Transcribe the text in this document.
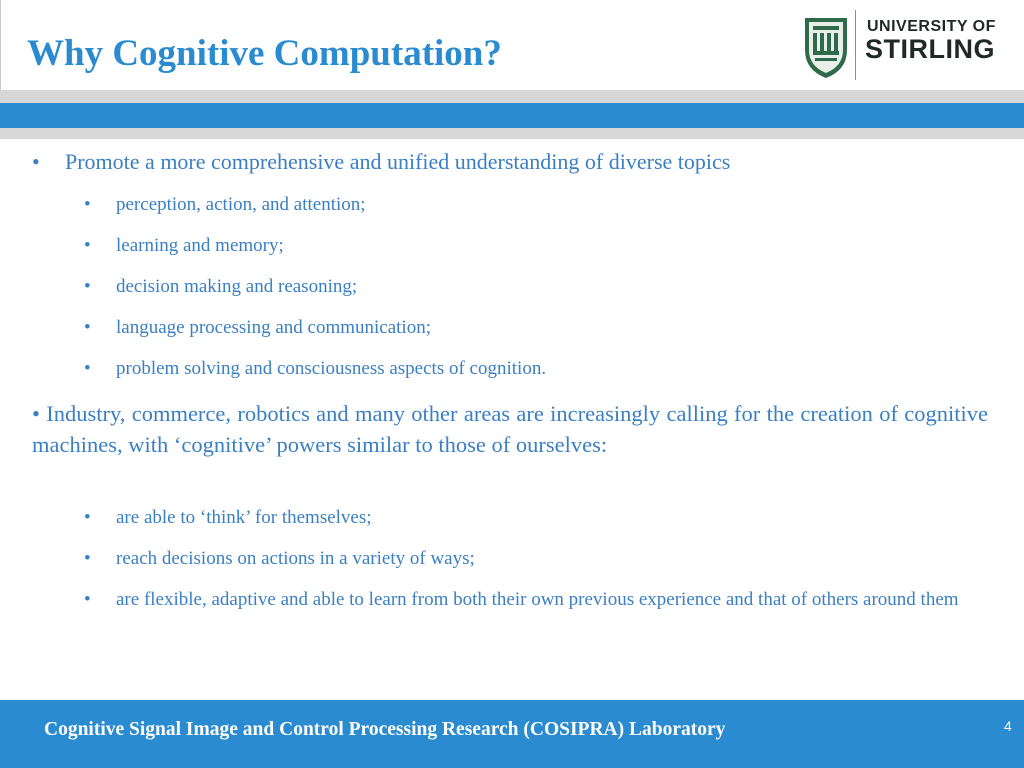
Why Cognitive Computation?
UNIVERSITY OF
STIRLING
• Promote a more comprehensive and unified understanding of diverse topics
• perception, action, and attention;
• learning and memory;
• decision making and reasoning;
• language processing and communication;
• problem solving and consciousness aspects of cognition.
• Industry, commerce, robotics and many other areas are increasingly calling for the creation of cognitive machines, with ‘cognitive’ powers similar to those of ourselves:
• are able to ‘think’ for themselves;
• reach decisions on actions in a variety of ways;
•	are flexible, adaptive and able to learn from both their own previous experience and that of others around them
Cognitive Signal Image and Control Processing Research (COSIPRA) Laboratory	4
